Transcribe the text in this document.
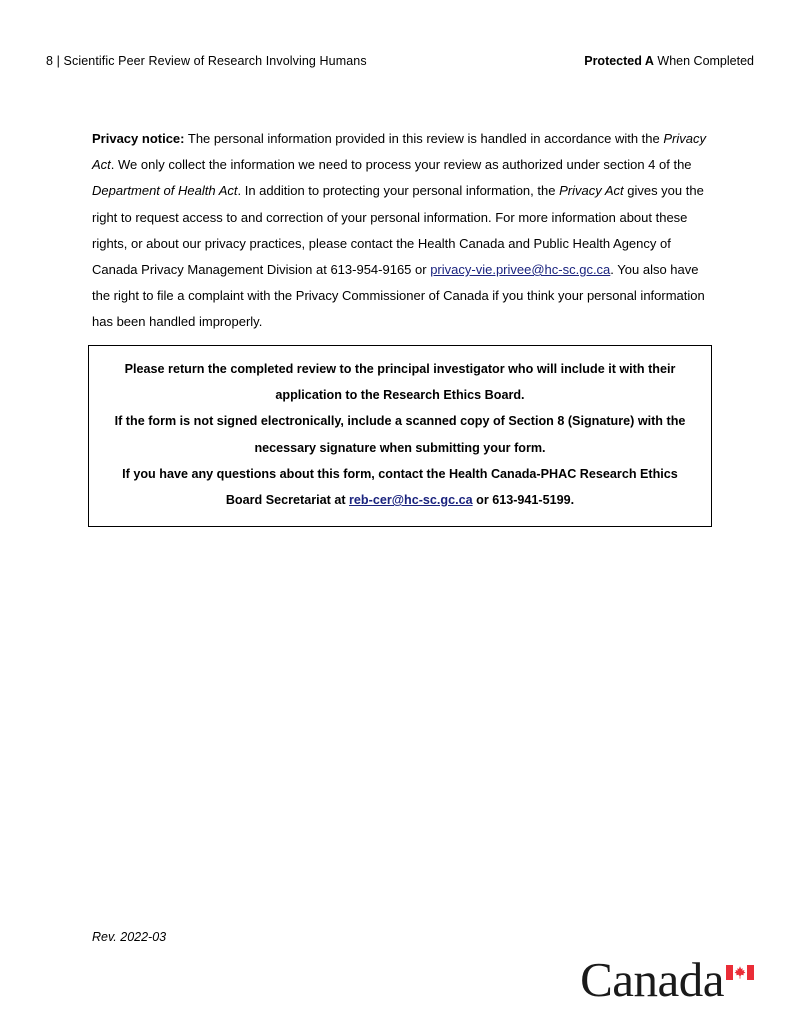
8 | Scientific Peer Review of Research Involving Humans	Protected A When Completed
Privacy notice: The personal information provided in this review is handled in accordance with the Privacy Act. We only collect the information we need to process your review as authorized under section 4 of the Department of Health Act. In addition to protecting your personal information, the Privacy Act gives you the right to request access to and correction of your personal information. For more information about these rights, or about our privacy practices, please contact the Health Canada and Public Health Agency of Canada Privacy Management Division at 613-954-9165 or privacy-vie.privee@hc-sc.gc.ca. You also have the right to file a complaint with the Privacy Commissioner of Canada if you think your personal information has been handled improperly.

Please return the completed review to the principal investigator who will include it with their application to the Research Ethics Board.

If the form is not signed electronically, include a scanned copy of Section 8 (Signature) with the necessary signature when submitting your form.

If you have any questions about this form, contact the Health Canada-PHAC Research Ethics Board Secretariat at reb-cer@hc-sc.gc.ca or 613-941-5199.

Rev. 2022-03
Canada
